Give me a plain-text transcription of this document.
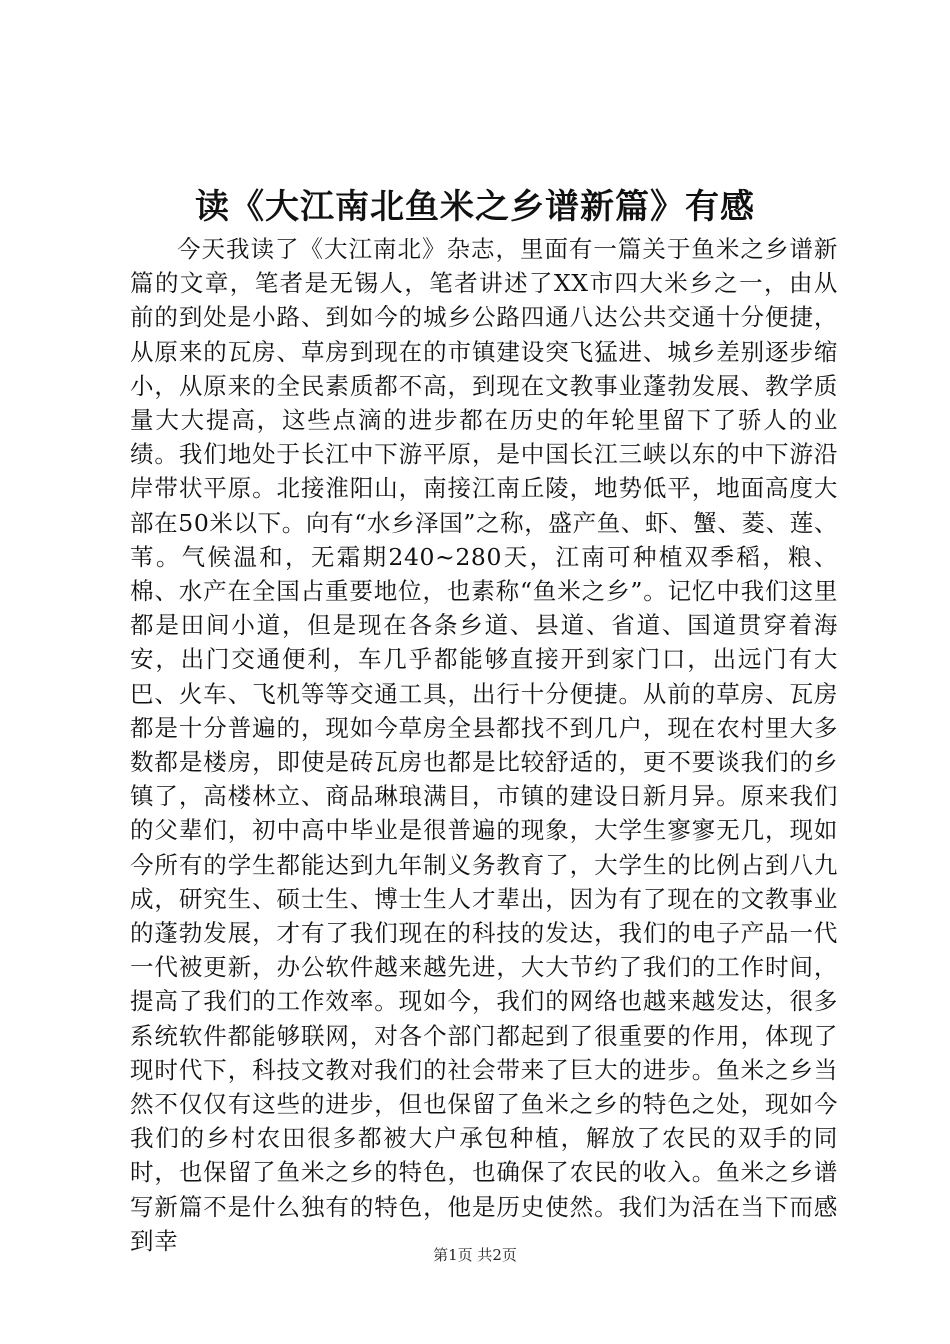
读《大江南北鱼米之乡谱新篇》有感

今天我读了《大江南北》杂志，里面有一篇关于鱼米之乡谱新篇的文章，笔者是无锡人，笔者讲述了XX市四大米乡之一，由从前的到处是小路、到如今的城乡公路四通八达公共交通十分便捷，从原来的瓦房、草房到现在的市镇建设突飞猛进、城乡差别逐步缩小，从原来的全民素质都不高，到现在文教事业蓬勃发展、教学质量大大提高，这些点滴的进步都在历史的年轮里留下了骄人的业绩。我们地处于长江中下游平原，是中国长江三峡以东的中下游沿岸带状平原。北接淮阳山，南接江南丘陵，地势低平，地面高度大部在50米以下。向有“水乡泽国”之称，盛产鱼、虾、蟹、菱、莲、苇。气候温和，无霜期240~280天，江南可种植双季稻，粮、棉、水产在全国占重要地位，也素称“鱼米之乡”。记忆中我们这里都是田间小道，但是现在各条乡道、县道、省道、国道贯穿着海安，出门交通便利，车几乎都能够直接开到家门口，出远门有大巴、火车、飞机等等交通工具，出行十分便捷。从前的草房、瓦房都是十分普遍的，现如今草房全县都找不到几户，现在农村里大多数都是楼房，即使是砖瓦房也都是比较舒适的，更不要谈我们的乡镇了，高楼林立、商品琳琅满目，市镇的建设日新月异。原来我们的父辈们，初中高中毕业是很普遍的现象，大学生寥寥无几，现如今所有的学生都能达到九年制义务教育了，大学生的比例占到八九成，研究生、硕士生、博士生人才辈出，因为有了现在的文教事业的蓬勃发展，才有了我们现在的科技的发达，我们的电子产品一代一代被更新，办公软件越来越先进，大大节约了我们的工作时间，提高了我们的工作效率。现如今，我们的网络也越来越发达，很多系统软件都能够联网，对各个部门都起到了很重要的作用，体现了现时代下，科技文教对我们的社会带来了巨大的进步。鱼米之乡当然不仅仅有这些的进步，但也保留了鱼米之乡的特色之处，现如今我们的乡村农田很多都被大户承包种植，解放了农民的双手的同时，也保留了鱼米之乡的特色，也确保了农民的收入。鱼米之乡谱写新篇不是什么独有的特色，他是历史使然。我们为活在当下而感到幸

第1页 共2页
